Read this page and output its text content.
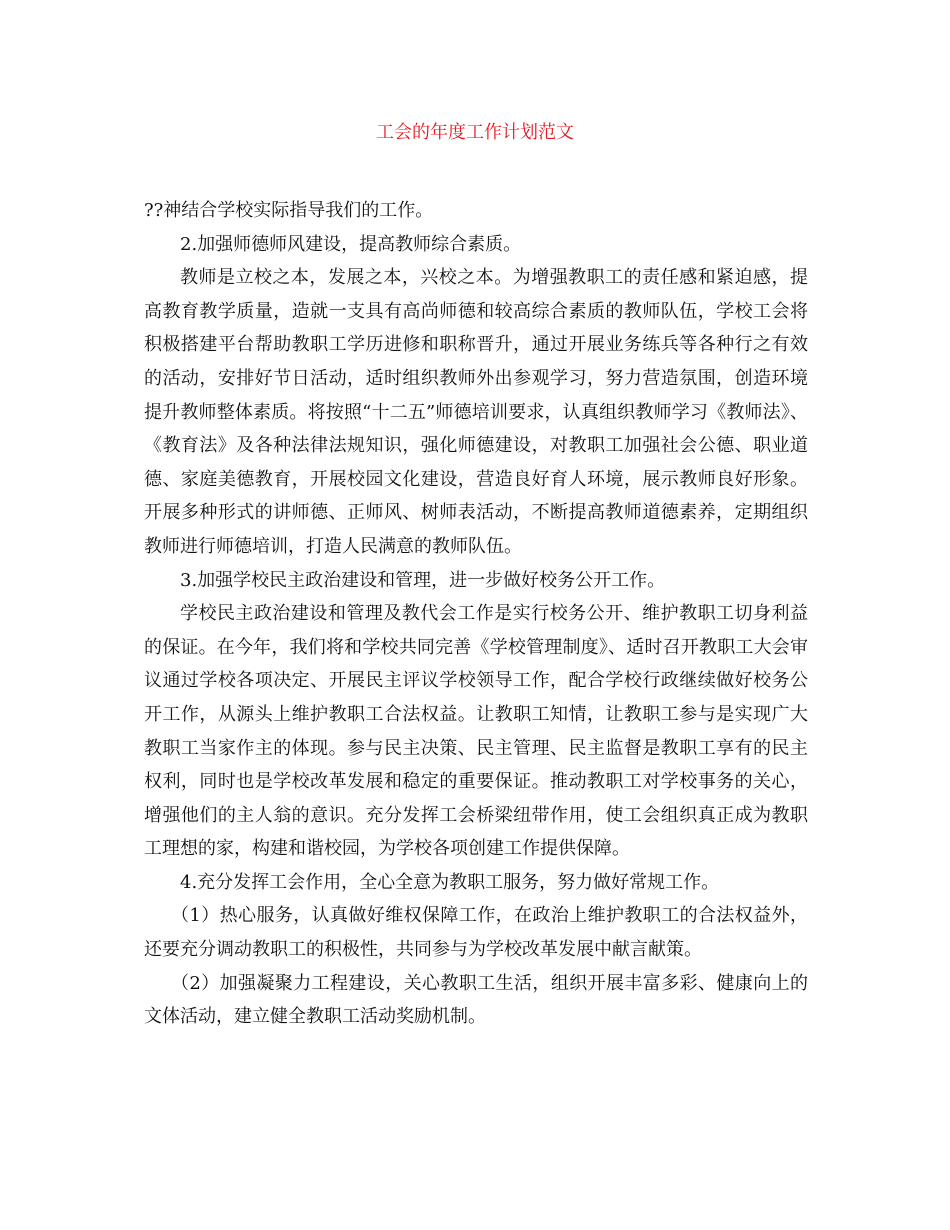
工会的年度工作计划范文

??神结合学校实际指导我们的工作。

2.加强师德师风建设，提高教师综合素质。

教师是立校之本，发展之本，兴校之本。为增强教职工的责任感和紧迫感，提高教育教学质量，造就一支具有高尚师德和较高综合素质的教师队伍，学校工会将积极搭建平台帮助教职工学历进修和职称晋升，通过开展业务练兵等各种行之有效的活动，安排好节日活动，适时组织教师外出参观学习，努力营造氛围，创造环境提升教师整体素质。将按照“十二五”师德培训要求，认真组织教师学习《教师法》、《教育法》及各种法律法规知识，强化师德建设，对教职工加强社会公德、职业道德、家庭美德教育，开展校园文化建设，营造良好育人环境，展示教师良好形象。开展多种形式的讲师德、正师风、树师表活动，不断提高教师道德素养，定期组织教师进行师德培训，打造人民满意的教师队伍。

3.加强学校民主政治建设和管理，进一步做好校务公开工作。

学校民主政治建设和管理及教代会工作是实行校务公开、维护教职工切身利益的保证。在今年，我们将和学校共同完善《学校管理制度》、适时召开教职工大会审议通过学校各项决定、开展民主评议学校领导工作，配合学校行政继续做好校务公开工作，从源头上维护教职工合法权益。让教职工知情，让教职工参与是实现广大教职工当家作主的体现。参与民主决策、民主管理、民主监督是教职工享有的民主权利，同时也是学校改革发展和稳定的重要保证。推动教职工对学校事务的关心，增强他们的主人翁的意识。充分发挥工会桥梁纽带作用，使工会组织真正成为教职工理想的家，构建和谐校园，为学校各项创建工作提供保障。

4.充分发挥工会作用，全心全意为教职工服务，努力做好常规工作。

（1）热心服务，认真做好维权保障工作，在政治上维护教职工的合法权益外，还要充分调动教职工的积极性，共同参与为学校改革发展中献言献策。

（2）加强凝聚力工程建设，关心教职工生活，组织开展丰富多彩、健康向上的文体活动，建立健全教职工活动奖励机制。
